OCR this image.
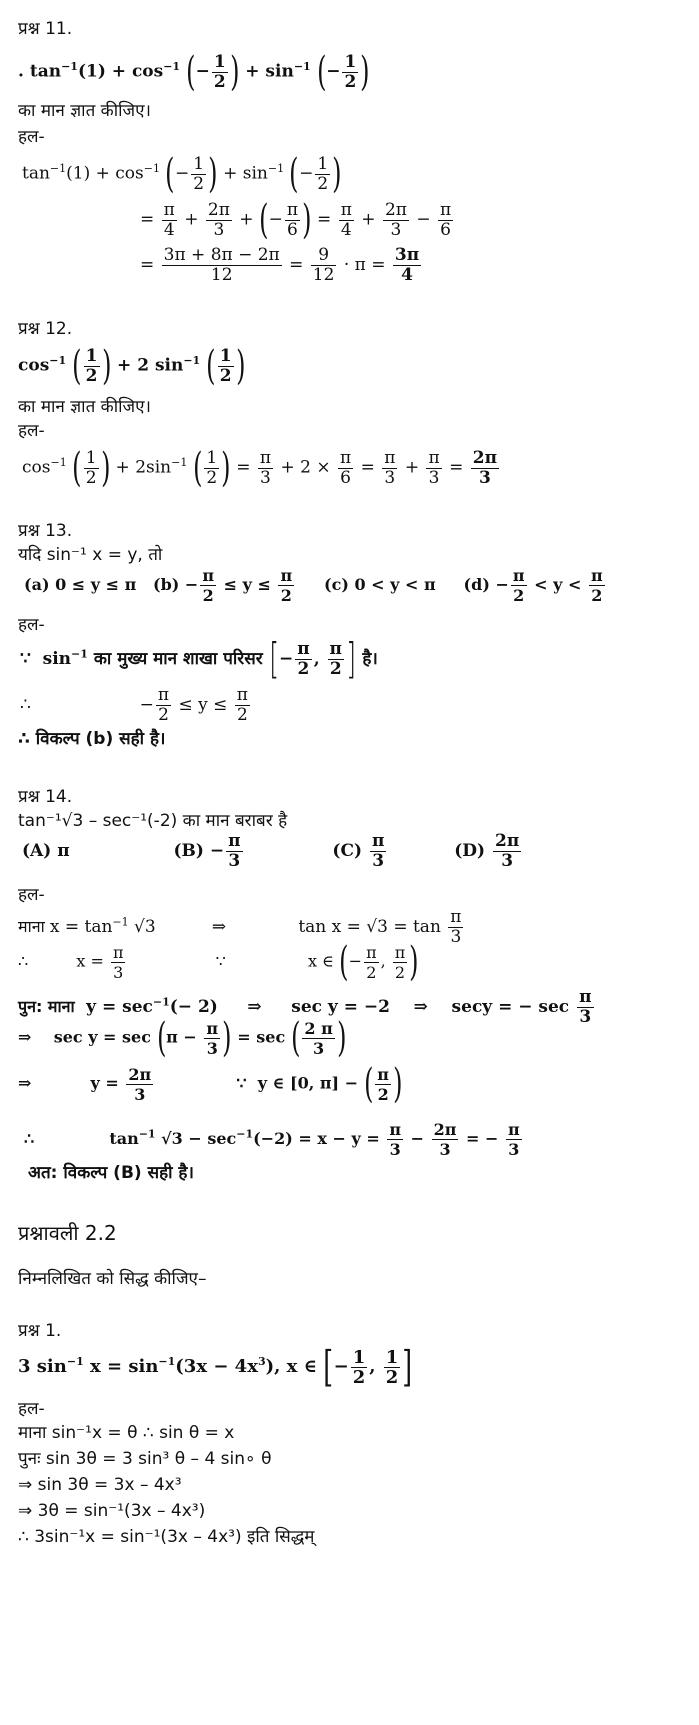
प्रश्न 11.
. $\tan^{-1}(1) + \cos^{-1}$ (− $\frac{1}{2}$ ) + $\sin^{-1}$ (− $\frac{1}{2}$ )
का मान ज्ञात कीजिए।
हल-
$\tan^{-1}(1) + \cos^{-1}$ (− $\frac{1}{2}$ ) + $\sin^{-1}$ (− $\frac{1}{2}$ )
= $\frac{\pi}{4} + \frac{2\pi}{3}$ + (− $\frac{\pi}{6}$ ) = $\frac{\pi}{4} + \frac{2\pi}{3} - \frac{\pi}{6}$
= $\frac{3\pi + 8\pi - 2\pi}{12} = \frac{9}{12} \cdot \pi = \frac{3\pi}{4}$
प्रश्न 12.
$\cos^{-1}$ ( $\frac{1}{2}$ ) + 2 $\sin^{-1}$ ( $\frac{1}{2}$ )
का मान ज्ञात कीजिए।
हल-
$\cos^{-1}$ ( $\frac{1}{2}$ ) + $2\sin^{-1}$ ( $\frac{1}{2}$ ) = $\frac{\pi}{3} + 2 \times \frac{\pi}{6} = \frac{\pi}{3} + \frac{\pi}{3} = \frac{2\pi}{3}$
प्रश्न 13.
यदि sin⁻¹ x = y, तो
(a) 0 ≤ y ≤ π   $(b) - \frac{\pi}{2} \le y \le \frac{\pi}{2} (c) 0 < y < \pi$     $(d) - \frac{\pi}{2} < y < \frac{\pi}{2}$
हल-
∵  $\sin^{-1}$ का मुख्य मान शाखा परिसर [− $\frac{\pi}{2}$ , $\frac{\pi}{2}$ ] है।
∴	− $\frac{\pi}{2} \le y \le \frac{\pi}{2}$
∴ विकल्प (b) सही है।
प्रश्न 14.
tan⁻¹√3 – sec⁻¹(-2) का मान बराबर है
(A) π	$(B) - \frac{\pi}{3}$	$(C) \frac{\pi}{3}$	$(D) \frac{2\pi}{3}$
हल-
माना $x = \tan^{-1} √3$	⇒	$\tan x = √3 = \tan \frac{\pi}{3}$
∴  $x = \frac{\pi}{3}$	∵	x ∈ (− $\frac{\pi}{2}$ , $\frac{\pi}{2}$ )
पुन: माना  $y = \sec^{-1}(- 2)$     ⇒     sec y = −2    ⇒    secy = − $\sec \frac{\pi}{3}$
⇒    $\sec y = \sec (\pi - \frac{\pi}{3}$ ) = sec ( $\frac{2 \pi}{3}$ )
⇒	$y = \frac{2\pi}{3}$	∵  y ∈ [0, π] − ( $\frac{\pi}{2}$ )
∴	$\tan^{-1} √3 - \sec^{-1}(-2) = x - y = \frac{\pi}{3} - \frac{2\pi}{3}$ = − $\frac{\pi}{3}$
अत: विकल्प (B) सही है।
प्रश्नावली 2.2
निम्नलिखित को सिद्ध कीजिए–
प्रश्न 1.
3 $\sin^{-1} x = \sin^{-1}(3x - 4x^3)$, x ∈ [− $\frac{1}{2}$ , $\frac{1}{2}$ ]
हल-
माना sin⁻¹x = θ ∴ sin θ = x
पुनः sin 3θ = 3 sin³ θ – 4 sin∘ θ
⇒ sin 3θ = 3x – 4x³
⇒ 3θ = sin⁻¹(3x – 4x³)
∴ 3sin⁻¹x = sin⁻¹(3x – 4x³) इति सिद्धम्
